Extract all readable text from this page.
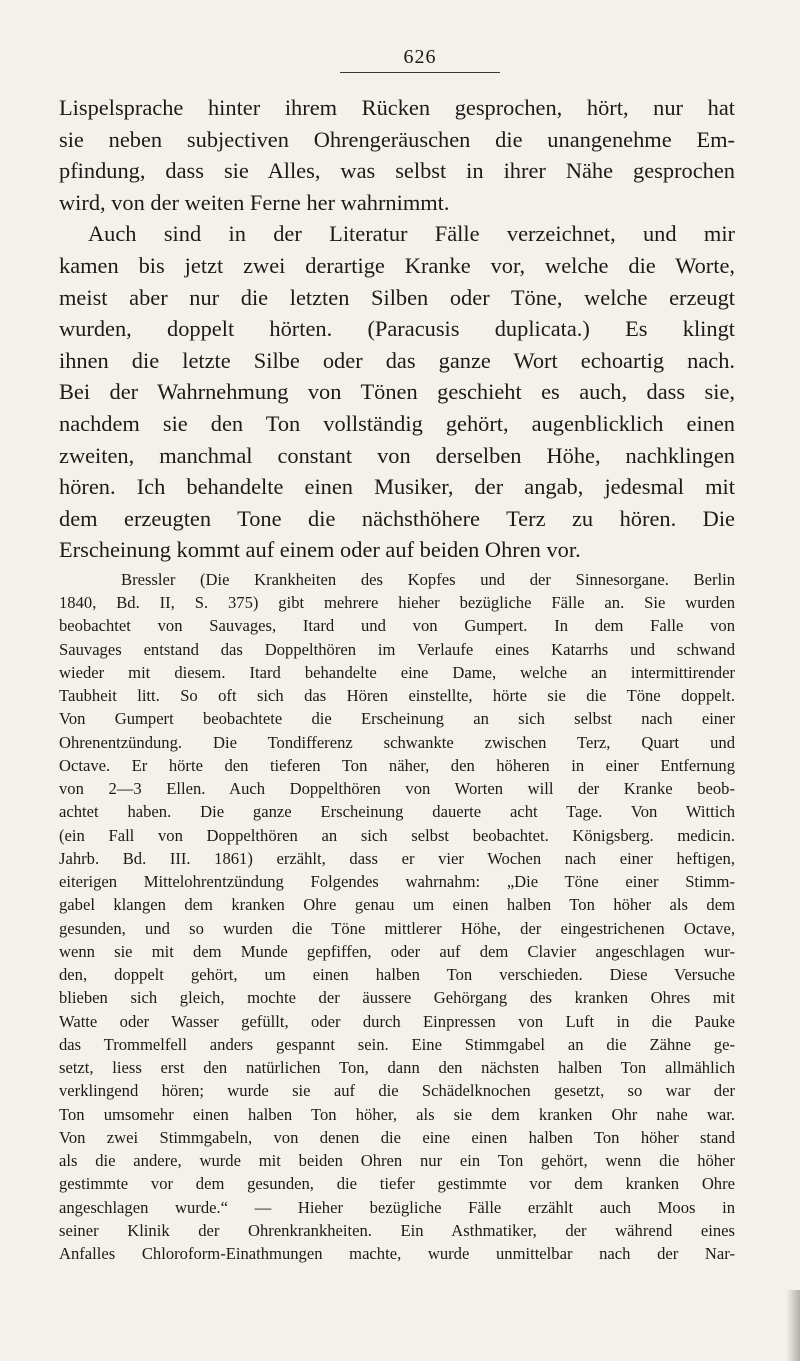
626
Lispelsprache hinter ihrem Rücken gesprochen, hört, nur hat
sie neben subjectiven Ohrengeräuschen die unangenehme Em-
pfindung, dass sie Alles, was selbst in ihrer Nähe gesprochen
wird, von der weiten Ferne her wahrnimmt.
Auch sind in der Literatur Fälle verzeichnet, und mir
kamen bis jetzt zwei derartige Kranke vor, welche die Worte,
meist aber nur die letzten Silben oder Töne, welche erzeugt
wurden, doppelt hörten. (Paracusis duplicata.) Es klingt
ihnen die letzte Silbe oder das ganze Wort echoartig nach.
Bei der Wahrnehmung von Tönen geschieht es auch, dass sie,
nachdem sie den Ton vollständig gehört, augenblicklich einen
zweiten, manchmal constant von derselben Höhe, nachklingen
hören. Ich behandelte einen Musiker, der angab, jedesmal mit
dem erzeugten Tone die nächsthöhere Terz zu hören. Die
Erscheinung kommt auf einem oder auf beiden Ohren vor.
Bressler (Die Krankheiten des Kopfes und der Sinnesorgane. Berlin
1840, Bd. II, S. 375) gibt mehrere hieher bezügliche Fälle an. Sie wurden
beobachtet von Sauvages, Itard und von Gumpert. In dem Falle von
Sauvages entstand das Doppelthören im Verlaufe eines Katarrhs und schwand
wieder mit diesem. Itard behandelte eine Dame, welche an intermittirender
Taubheit litt. So oft sich das Hören einstellte, hörte sie die Töne doppelt.
Von Gumpert beobachtete die Erscheinung an sich selbst nach einer
Ohrenentzündung. Die Tondifferenz schwankte zwischen Terz, Quart und
Octave. Er hörte den tieferen Ton näher, den höheren in einer Entfernung
von 2—3 Ellen. Auch Doppelthören von Worten will der Kranke beob-
achtet haben. Die ganze Erscheinung dauerte acht Tage. Von Wittich
(ein Fall von Doppelthören an sich selbst beobachtet. Königsberg. medicin.
Jahrb. Bd. III. 1861) erzählt, dass er vier Wochen nach einer heftigen,
eiterigen Mittelohrentzündung Folgendes wahrnahm: „Die Töne einer Stimm-
gabel klangen dem kranken Ohre genau um einen halben Ton höher als dem
gesunden, und so wurden die Töne mittlerer Höhe, der eingestrichenen Octave,
wenn sie mit dem Munde gepfiffen, oder auf dem Clavier angeschlagen wur-
den, doppelt gehört, um einen halben Ton verschieden. Diese Versuche
blieben sich gleich, mochte der äussere Gehörgang des kranken Ohres mit
Watte oder Wasser gefüllt, oder durch Einpressen von Luft in die Pauke
das Trommelfell anders gespannt sein. Eine Stimmgabel an die Zähne ge-
setzt, liess erst den natürlichen Ton, dann den nächsten halben Ton allmählich
verklingend hören; wurde sie auf die Schädelknochen gesetzt, so war der
Ton umsomehr einen halben Ton höher, als sie dem kranken Ohr nahe war.
Von zwei Stimmgabeln, von denen die eine einen halben Ton höher stand
als die andere, wurde mit beiden Ohren nur ein Ton gehört, wenn die höher
gestimmte vor dem gesunden, die tiefer gestimmte vor dem kranken Ohre
angeschlagen wurde.“ — Hieher bezügliche Fälle erzählt auch Moos in
seiner Klinik der Ohrenkrankheiten. Ein Asthmatiker, der während eines
Anfalles Chloroform-Einathmungen machte, wurde unmittelbar nach der Nar-
